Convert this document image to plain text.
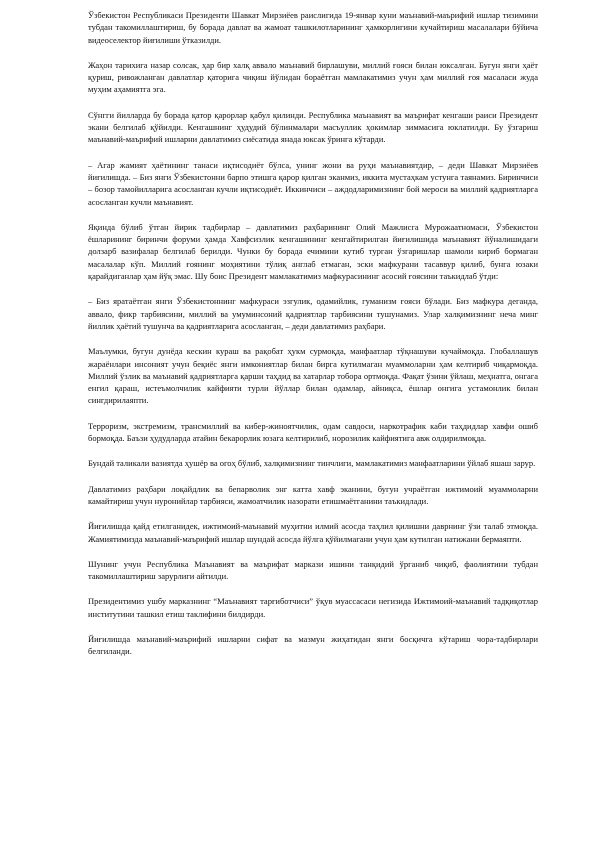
Ўзбекистон Республикаси Президенти Шавкат Мирзиёев раислигида 19-январ куни маънавий-маърифий ишлар тизимини тубдан такомиллаштириш, бу борада давлат ва жамоат ташкилотларининг ҳамкорлигини кучайтириш масалалари бўйича видеоселектор йиғилиши ўтказилди.

Жаҳон тарихига назар солсак, ҳар бир халқ аввало маънавий бирлашуви, миллий ғояси билан юксалган. Бугун янги ҳаёт қуриш, ривожланган давлатлар қаторига чиқиш йўлидан бораётган мамлакатимиз учун ҳам миллий ғоя масаласи жуда муҳим аҳамиятга эга.

Сўнгги йилларда бу борада қатор қарорлар қабул қилинди. Республика маънавият ва маърифат кенгаши раиси Президент экани белгилаб қўйилди. Кенгашнинг ҳудудий бўлинмалари масъуллик ҳокимлар зиммасига юклатилди. Бу ўзгариш маънавий-маърифий ишларни давлатимиз сиёсатида янада юксак ўринга кўтарди.

– Агар жамият ҳаётининг танаси иқтисодиёт бўлса, унинг жони ва руҳи маънавиятдир, – деди Шавкат Мирзиёев йиғилишда. – Биз янги Ўзбекистонни барпо этишга қарор қилган эканмиз, иккита мустаҳкам устунга таянамиз. Биринчиси – бозор тамойилларига асосланган кучли иқтисодиёт. Иккинчиси – аждодларимизнинг бой мероси ва миллий қадриятларга асосланган кучли маънавият.

Яқинда бўлиб ўтган йирик тадбирлар – давлатимиз раҳбарининг Олий Мажлисга Мурожаатномаси, Ўзбекистон ёшларининг биринчи форуми ҳамда Хавфсизлик кенгашининг кенгайтирилган йиғилишида маънавият йўналишидаги долзарб вазифалар белгилаб берилди. Чунки бу борада ечимини кутиб турган ўзгаришлар шамоли кириб бормаган масалалар кўп. Миллий ғоянинг моҳиятини тўлиқ англаб етмаган, эски мафкурани тасаввур қилиб, бунга юзаки қарайдиганлар ҳам йўқ эмас. Шу боис Президент мамлакатимиз мафкурасининг асосий ғоясини таъкидлаб ўтди:

– Биз яратаётган янги Ўзбекистоннинг мафкураси эзгулик, одамийлик, гуманизм ғояси бўлади. Биз мафкура деганда, аввало, фикр тарбиясини, миллий ва умуминсоний қадриятлар тарбиясини тушунамиз. Улар халқимизнинг неча минг йиллик ҳаётий тушунча ва қадриятларига асосланган, – деди давлатимиз раҳбари.

Маълумки, бугун дунёда кескин кураш ва рақобат ҳукм сурмоқда, манфаатлар тўқнашуви кучаймоқда. Глобаллашув жараёнлари инсоният учун беқиёс янги имкониятлар билан бирга кутилмаган муаммоларни ҳам келтириб чиқармоқда. Миллий ўзлик ва маънавий қадриятларга қарши таҳдид ва хатарлар тобора ортмоқда. Фақат ўзини ўйлаш, меҳнатга, онгага енгил қараш, истеъмолчилик кайфияти турли йўллар билан одамлар, айниқса, ёшлар онгига устамонлик билан сингдирилаяпти.

Терроризм, экстремизм, трансмиллий ва кибер-жиноятчилик, одам савдоси, наркотрафик каби таҳдидлар хавфи ошиб бормоқда. Баъзи ҳудудларда атайин бекарорлик юзага келтирилиб, норозилик кайфиятига авж олдирилмоқда.

Бундай таликали вазиятда ҳушёр ва огоҳ бўлиб, халқимизнинг тинчлиги, мамлакатимиз манфаатларини ўйлаб яшаш зарур.

Давлатимиз раҳбари лоқайдлик ва бепарволик энг катта хавф эканини, бугун учраётган ижтимоий муаммоларни камайтириш учун нуронийлар тарбияси, жамоатчилик назорати етишмаётганини таъкидлади.

Йиғилишда қайд етилганидек, ижтимоий-маънавий муҳитни илмий асосда таҳлил қилишни даврнинг ўзи талаб этмоқда. Жамиятимизда маънавий-маърифий ишлар шундай асосда йўлга қўйилмагани учун ҳам кутилган натижани бермаяпти.

Шунинг учун Республика Маънавият ва маърифат маркази ишини танқидий ўрганиб чиқиб, фаолиятини тубдан такомиллаштириш зарурлиги айтилди.

Президентимиз ушбу марказнинг “Маънавият тарғиботчиси” ўқув муассасаси негизида Ижтимоий-маънавий тадқиқотлар институтини ташкил етиш таклифини билдирди.

Йиғилишда маънавий-маърифий ишларни сифат ва мазмун жиҳатидан янги босқичга кўтариш чора-тадбирлари белгиланди.
